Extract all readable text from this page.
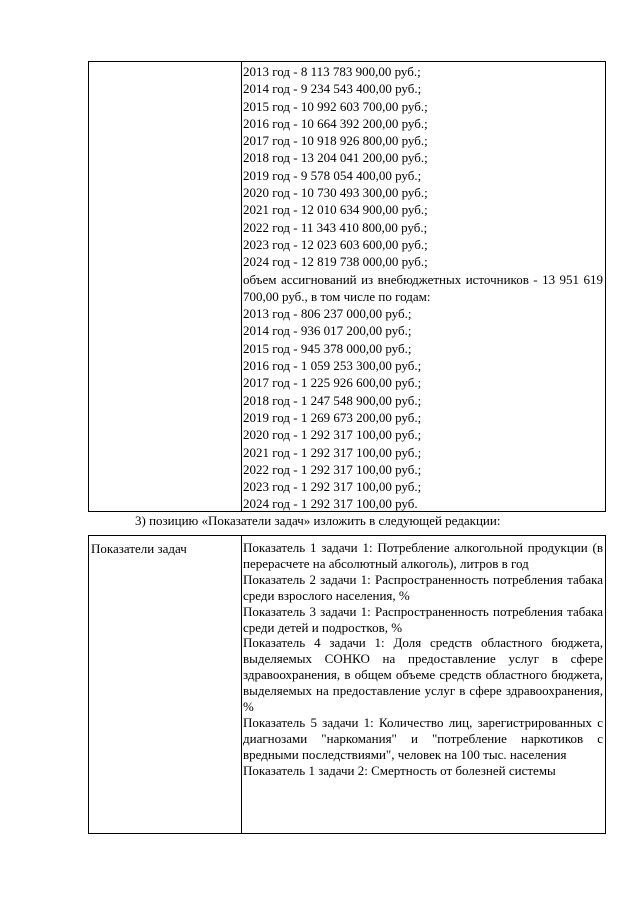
2013 год - 8 113 783 900,00 руб.;
2014 год - 9 234 543 400,00 руб.;
2015 год - 10 992 603 700,00 руб.;
2016 год - 10 664 392 200,00 руб.;
2017 год - 10 918 926 800,00 руб.;
2018 год - 13 204 041 200,00 руб.;
2019 год - 9 578 054 400,00 руб.;
2020 год - 10 730 493 300,00 руб.;
2021 год - 12 010 634 900,00 руб.;
2022 год - 11 343 410 800,00 руб.;
2023 год - 12 023 603 600,00 руб.;
2024 год - 12 819 738 000,00 руб.;
объем ассигнований из внебюджетных источников - 13 951 619 700,00 руб., в том числе по годам:
2013 год - 806 237 000,00 руб.;
2014 год - 936 017 200,00 руб.;
2015 год - 945 378 000,00 руб.;
2016 год - 1 059 253 300,00 руб.;
2017 год - 1 225 926 600,00 руб.;
2018 год - 1 247 548 900,00 руб.;
2019 год - 1 269 673 200,00 руб.;
2020 год - 1 292 317 100,00 руб.;
2021 год - 1 292 317 100,00 руб.;
2022 год - 1 292 317 100,00 руб.;
2023 год - 1 292 317 100,00 руб.;
2024 год - 1 292 317 100,00 руб.
3) позицию «Показатели задач» изложить в следующей редакции:
Показатели задач	Показатель 1 задачи 1: Потребление алкогольной продукции (в перерасчете на абсолютный алкоголь), литров в год
Показатель 2 задачи 1: Распространенность потребления табака среди взрослого населения, %
Показатель 3 задачи 1: Распространенность потребления табака среди детей и подростков, %
Показатель 4 задачи 1: Доля средств областного бюджета, выделяемых СОНКО на предоставление услуг в сфере здравоохранения, в общем объеме средств областного бюджета, выделяемых на предоставление услуг в сфере здравоохранения, %
Показатель 5 задачи 1: Количество лиц, зарегистрированных с диагнозами "наркомания" и "потребление наркотиков с вредными последствиями", человек на 100 тыс. населения
Показатель 1 задачи 2: Смертность от болезней системы
